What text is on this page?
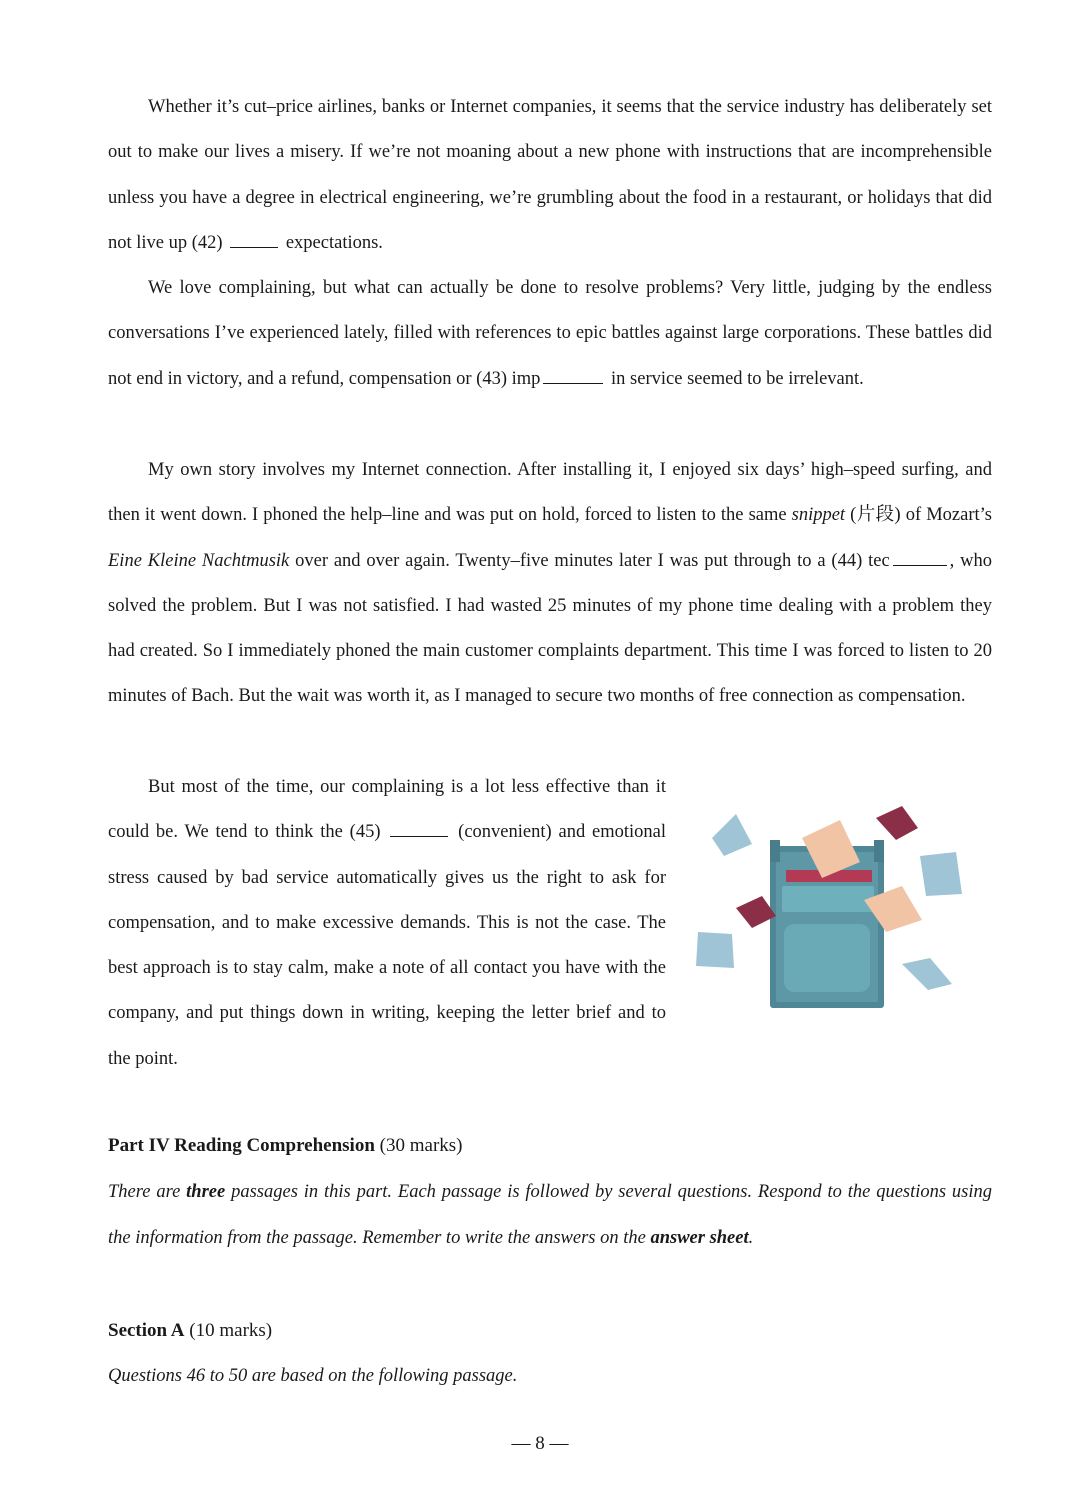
Whether it’s cut–price airlines, banks or Internet companies, it seems that the service industry has deliberately set out to make our lives a misery. If we’re not moaning about a new phone with instructions that are incomprehensible unless you have a degree in electrical engineering, we’re grumbling about the food in a restaurant, or holidays that did not live up (42)	expectations.

We love complaining, but what can actually be done to resolve problems? Very little, judging by the endless conversations I’ve experienced lately, filled with references to epic battles against large corporations. These battles did not end in victory, and a refund, compensation or (43) imp	in service seemed to be irrelevant.

My own story involves my Internet connection. After installing it, I enjoyed six days’ high–speed surfing, and then it went down. I phoned the help–line and was put on hold, forced to listen to the same snippet (片段) of Mozart’s Eine Kleine Nachtmusik over and over again. Twenty–five minutes later I was put through to a (44) tec	, who solved the problem. But I was not satisfied. I had wasted 25 minutes of my phone time dealing with a problem they had created. So I immediately phoned the main customer complaints department. This time I was forced to listen to 20 minutes of Bach. But the wait was worth it, as I managed to secure two months of free connection as compensation.

But most of the time, our complaining is a lot less effective than it could be. We tend to think the (45)	(convenient) and emotional stress caused by bad service automatically gives us the right to ask for compensation, and to make excessive demands. This is not the case. The best approach is to stay calm, make a note of all contact you have with the company, and put things down in writing, keeping the letter brief and to the point.

Part IV Reading Comprehension (30 marks)

There are three passages in this part. Each passage is followed by several questions. Respond to the questions using the information from the passage. Remember to write the answers on the answer sheet.

Section A (10 marks)

Questions 46 to 50 are based on the following passage.

— 8 —
